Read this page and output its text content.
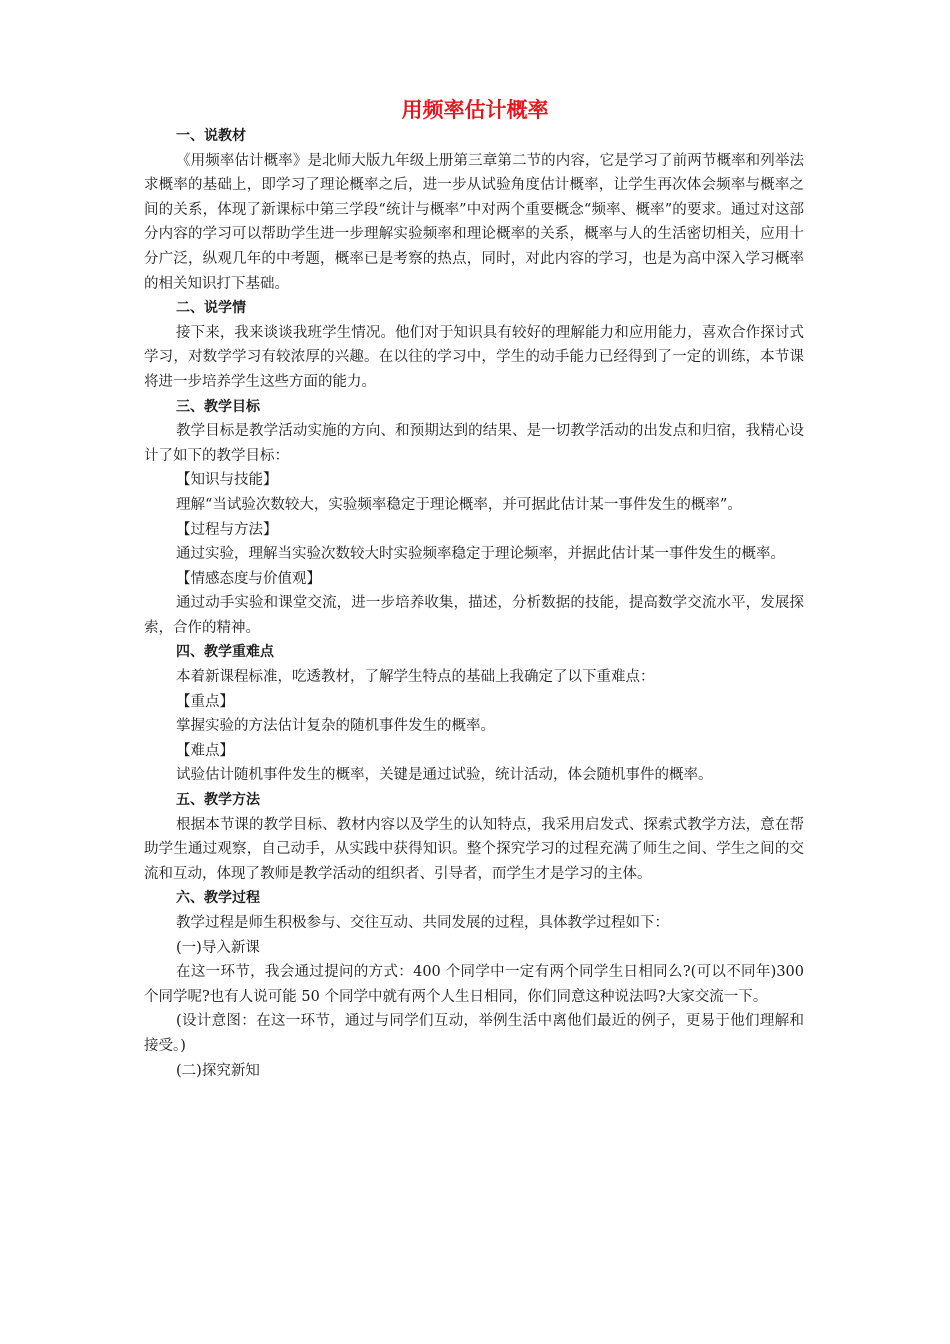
用频率估计概率
一、说教材
《用频率估计概率》是北师大版九年级上册第三章第二节的内容，它是学习了前两节概率和列举法求概率的基础上，即学习了理论概率之后，进一步从试验角度估计概率，让学生再次体会频率与概率之间的关系，体现了新课标中第三学段“统计与概率”中对两个重要概念“频率、概率”的要求。通过对这部分内容的学习可以帮助学生进一步理解实验频率和理论概率的关系，概率与人的生活密切相关，应用十分广泛，纵观几年的中考题，概率已是考察的热点，同时，对此内容的学习，也是为高中深入学习概率的相关知识打下基础。
二、说学情
接下来，我来谈谈我班学生情况。他们对于知识具有较好的理解能力和应用能力，喜欢合作探讨式学习，对数学学习有较浓厚的兴趣。在以往的学习中，学生的动手能力已经得到了一定的训练，本节课将进一步培养学生这些方面的能力。
三、教学目标
教学目标是教学活动实施的方向、和预期达到的结果、是一切教学活动的出发点和归宿，我精心设计了如下的教学目标：
【知识与技能】
理解“当试验次数较大，实验频率稳定于理论概率，并可据此估计某一事件发生的概率”。
【过程与方法】
通过实验，理解当实验次数较大时实验频率稳定于理论频率，并据此估计某一事件发生的概率。
【情感态度与价值观】
通过动手实验和课堂交流，进一步培养收集，描述，分析数据的技能，提高数学交流水平，发展探索，合作的精神。
四、教学重难点
本着新课程标准，吃透教材，了解学生特点的基础上我确定了以下重难点：
【重点】
掌握实验的方法估计复杂的随机事件发生的概率。
【难点】
试验估计随机事件发生的概率，关键是通过试验，统计活动，体会随机事件的概率。
五、教学方法
根据本节课的教学目标、教材内容以及学生的认知特点，我采用启发式、探索式教学方法，意在帮助学生通过观察，自己动手，从实践中获得知识。整个探究学习的过程充满了师生之间、学生之间的交流和互动，体现了教师是教学活动的组织者、引导者，而学生才是学习的主体。
六、教学过程
教学过程是师生积极参与、交往互动、共同发展的过程，具体教学过程如下：
(一)导入新课
在这一环节，我会通过提问的方式：400 个同学中一定有两个同学生日相同么?(可以不同年)300 个同学呢?也有人说可能 50 个同学中就有两个人生日相同，你们同意这种说法吗?大家交流一下。
(设计意图：在这一环节，通过与同学们互动，举例生活中离他们最近的例子，更易于他们理解和接受。)
(二)探究新知
